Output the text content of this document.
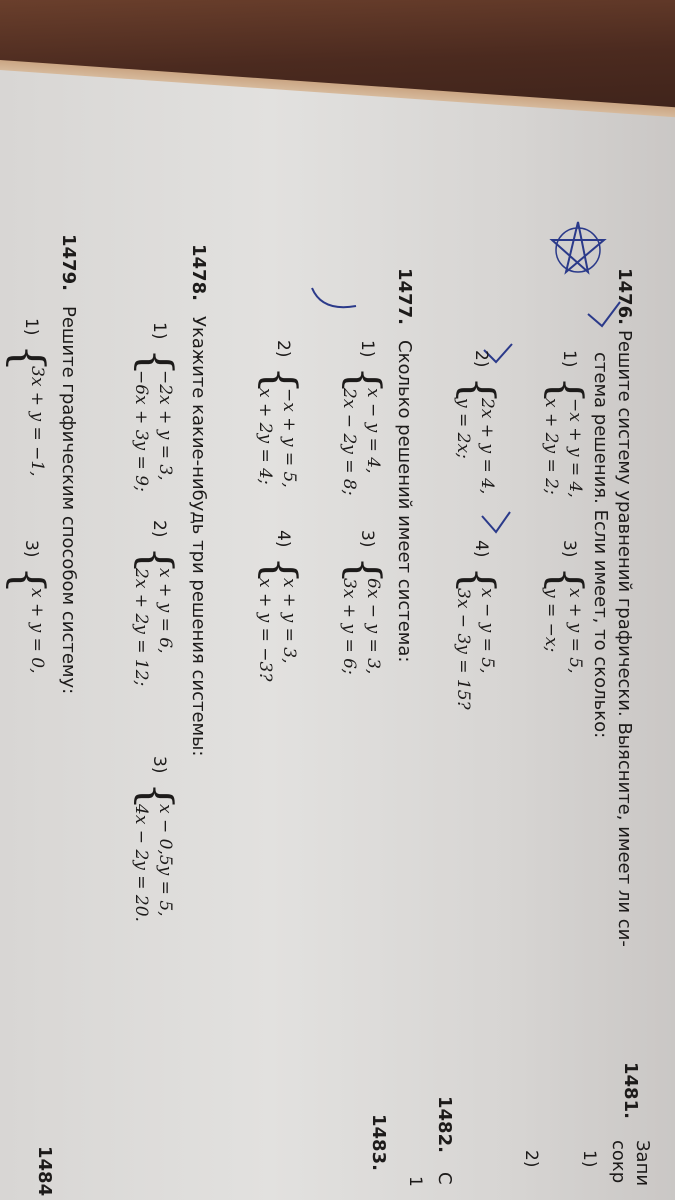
1476.
Решите систему уравнений графически. Выясните, имеет ли си-
стема решения. Если имеет, то сколько:
1)
{
−x + y = 4,
x + 2y = 2;
3)
{
x + y = 5,
y = −x;
2)
{
2x + y = 4,
y = 2x;
4)
{
x − y = 5,
3x − 3y = 15?
1477.
Сколько решений имеет система:
1)
{
x − y = 4,
2x − 2y = 8;
3)
{
6x − y = 3,
3x + y = 6;
2)
{
−x + y = 5,
x + 2y = 4;
4)
{
x + y = 3,
x + y = −3?
1478.
Укажите какие-нибудь три решения системы:
1)
{
−2x + y = 3,
−6x + 3y = 9;
2)
{
x + y = 6,
2x + 2y = 12;
3)
{
x − 0,5y = 5,
4x − 2y = 20.
1479.
Решите графическим способом систему:
1)
{
3x + y = −1,
3)
{
x + y = 0,
1481.
Запи
сокр
1)
2)
1482.
С
1
1483.
1484
